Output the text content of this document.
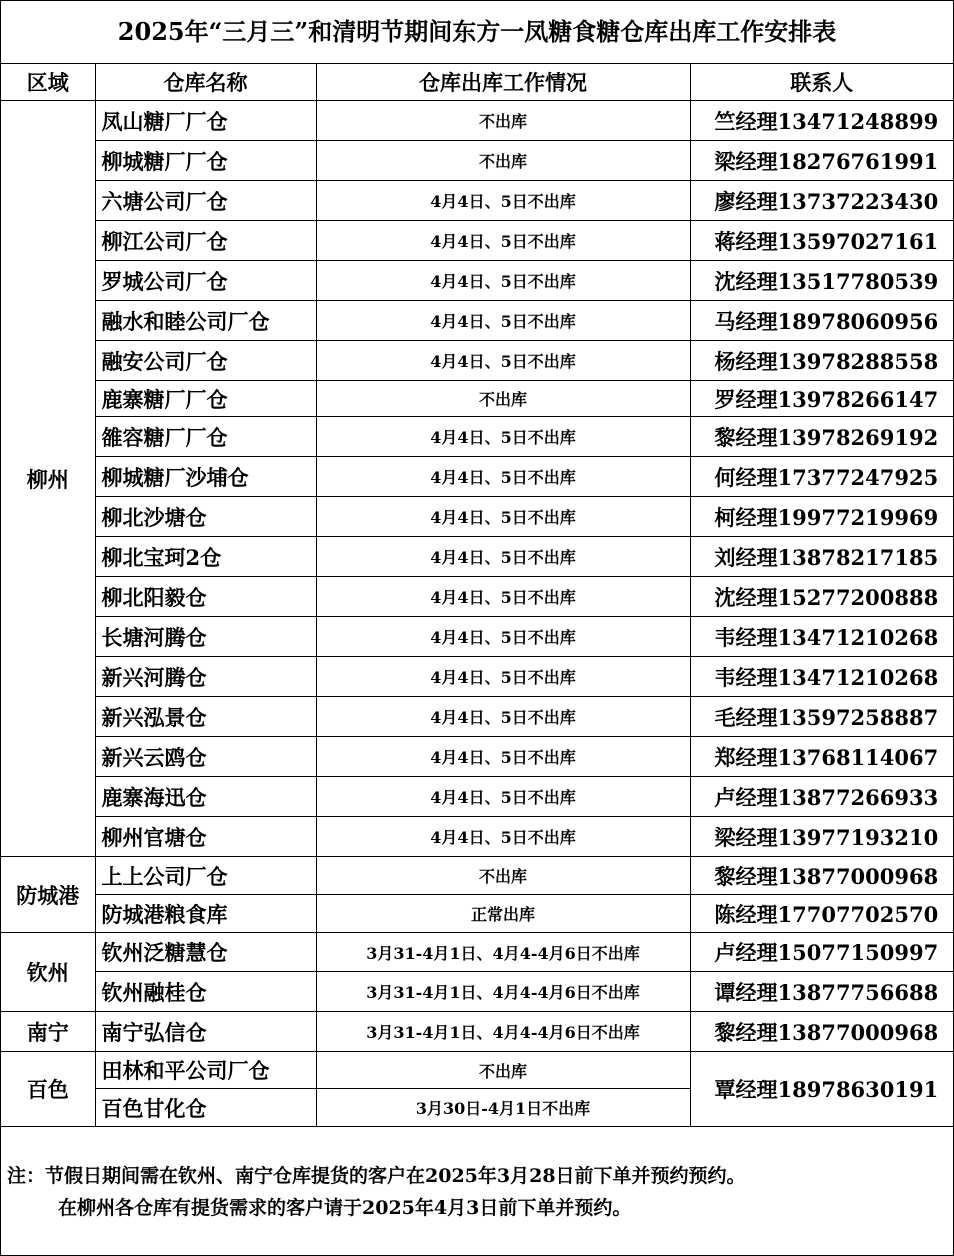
2025年“三月三”和清明节期间东方一凤糖食糖仓库出库工作安排表
区域	仓库名称	仓库出库工作情况	联系人
柳州	凤山糖厂厂仓	不出库	竺经理13471248899
	柳城糖厂厂仓	不出库	梁经理18276761991
	六塘公司厂仓	4月4日、5日不出库	廖经理13737223430
	柳江公司厂仓	4月4日、5日不出库	蒋经理13597027161
	罗城公司厂仓	4月4日、5日不出库	沈经理13517780539
	融水和睦公司厂仓	4月4日、5日不出库	马经理18978060956
	融安公司厂仓	4月4日、5日不出库	杨经理13978288558
	鹿寨糖厂厂仓	不出库	罗经理13978266147
	雒容糖厂厂仓	4月4日、5日不出库	黎经理13978269192
	柳城糖厂沙埔仓	4月4日、5日不出库	何经理17377247925
	柳北沙塘仓	4月4日、5日不出库	柯经理19977219969
	柳北宝珂2仓	4月4日、5日不出库	刘经理13878217185
	柳北阳毅仓	4月4日、5日不出库	沈经理15277200888
	长塘河腾仓	4月4日、5日不出库	韦经理13471210268
	新兴河腾仓	4月4日、5日不出库	韦经理13471210268
	新兴泓景仓	4月4日、5日不出库	毛经理13597258887
	新兴云鸥仓	4月4日、5日不出库	郑经理13768114067
	鹿寨海迅仓	4月4日、5日不出库	卢经理13877266933
	柳州官塘仓	4月4日、5日不出库	梁经理13977193210
防城港	上上公司厂仓	不出库	黎经理13877000968
	防城港粮食库	正常出库	陈经理17707702570
钦州	钦州泛糖慧仓	3月31-4月1日、4月4-4月6日不出库	卢经理15077150997
	钦州融桂仓	3月31-4月1日、4月4-4月6日不出库	谭经理13877756688
南宁	南宁弘信仓	3月31-4月1日、4月4-4月6日不出库	黎经理13877000968
百色	田林和平公司厂仓	不出库	覃经理18978630191
	百色甘化仓	3月30日-4月1日不出库	
注：节假日期间需在钦州、南宁仓库提货的客户在2025年3月28日前下单并预约预约。
在柳州各仓库有提货需求的客户请于2025年4月3日前下单并预约。
